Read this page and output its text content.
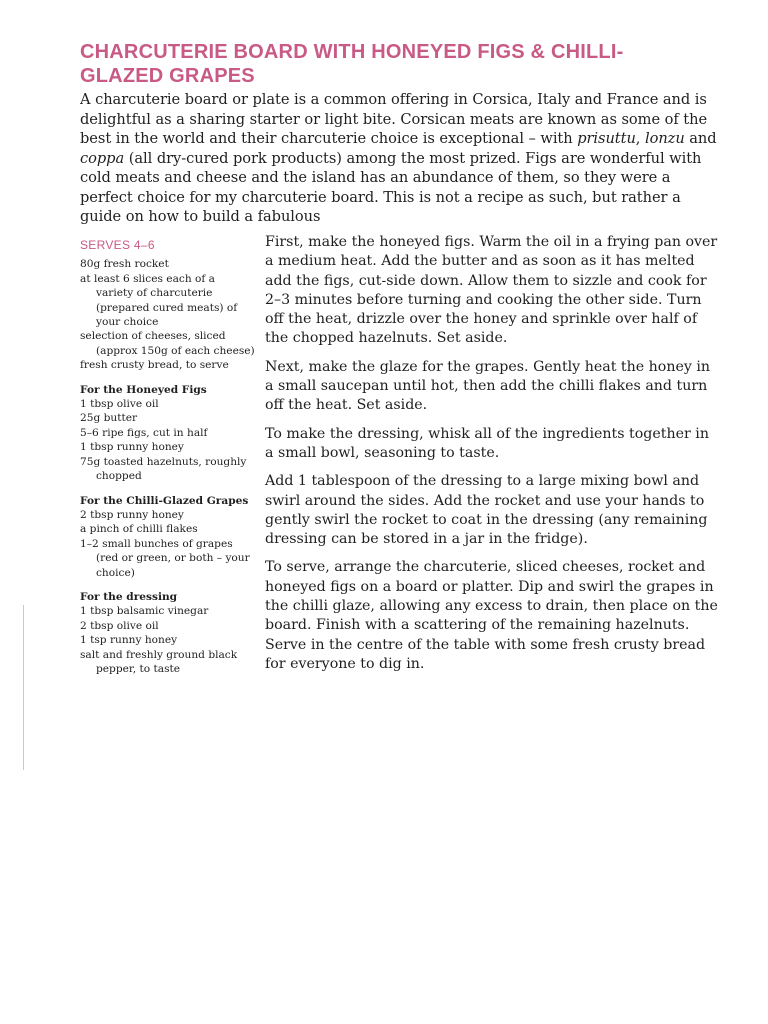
CHARCUTERIE BOARD WITH HONEYED FIGS & CHILLI-GLAZED GRAPES

A charcuterie board or plate is a common offering in Corsica, Italy and France and is delightful as a sharing starter or light bite. Corsican meats are known as some of the best in the world and their charcuterie choice is exceptional – with prisuttu, lonzu and coppa (all dry-cured pork products) among the most prized. Figs are wonderful with cold meats and cheese and the island has an abundance of them, so they were a perfect choice for my charcuterie board. This is not a recipe as such, but rather a guide on how to build a fabulous

SERVES 4–6
80g fresh rocket
at least 6 slices each of a variety of charcuterie (prepared cured meats) of your choice
selection of cheeses, sliced (approx 150g of each cheese)
fresh crusty bread, to serve
For the Honeyed Figs
1 tbsp olive oil
25g butter
5–6 ripe figs, cut in half
1 tbsp runny honey
75g toasted hazelnuts, roughly chopped
For the Chilli-Glazed Grapes
2 tbsp runny honey
a pinch of chilli flakes
1–2 small bunches of grapes (red or green, or both – your choice)
For the dressing
1 tbsp balsamic vinegar
2 tbsp olive oil
1 tsp runny honey
salt and freshly ground black pepper, to taste

First, make the honeyed figs. Warm the oil in a frying pan over a medium heat. Add the butter and as soon as it has melted add the figs, cut-side down. Allow them to sizzle and cook for 2–3 minutes before turning and cooking the other side. Turn off the heat, drizzle over the honey and sprinkle over half of the chopped hazelnuts. Set aside.

Next, make the glaze for the grapes. Gently heat the honey in a small saucepan until hot, then add the chilli flakes and turn off the heat. Set aside.

To make the dressing, whisk all of the ingredients together in a small bowl, seasoning to taste.

Add 1 tablespoon of the dressing to a large mixing bowl and swirl around the sides. Add the rocket and use your hands to gently swirl the rocket to coat in the dressing (any remaining dressing can be stored in a jar in the fridge).

To serve, arrange the charcuterie, sliced cheeses, rocket and honeyed figs on a board or platter. Dip and swirl the grapes in the chilli glaze, allowing any excess to drain, then place on the board. Finish with a scattering of the remaining hazelnuts. Serve in the centre of the table with some fresh crusty bread for everyone to dig in.
